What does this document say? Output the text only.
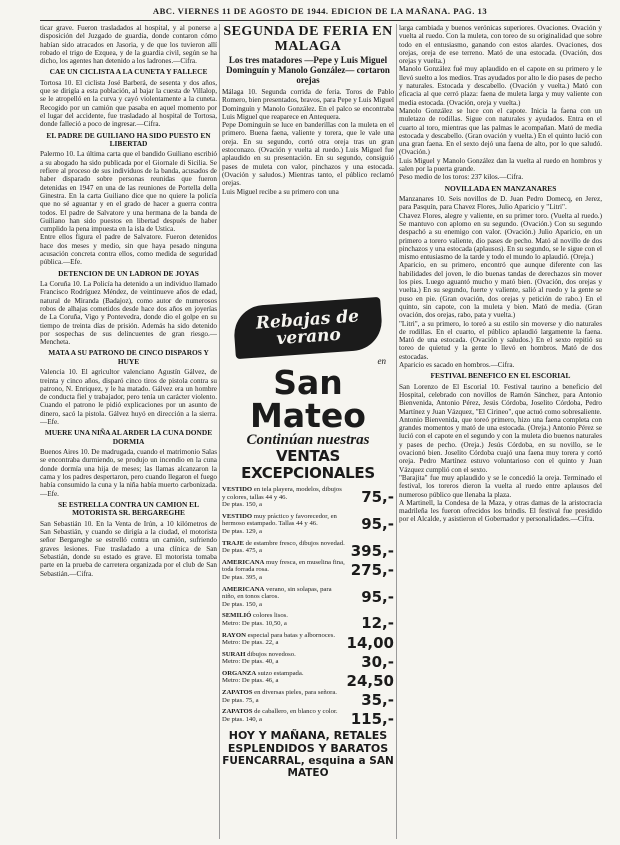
ABC. VIERNES 11 DE AGOSTO DE 1944. EDICION DE LA MAÑANA. PAG. 13

ticar grave. Fueron trasladados al hospital, y al ponerse a disposición del Juzgado de guardia, donde contaron cómo habían sido atracados en Jasoria, y de que los tuvieron allí robado el trigo de Ezquea, y de la guardia civil, según se ha dicho, los agentes han detenido a los ladrones.—Cifra.

CAE UN CICLISTA A LA CUNETA Y FALLECE

Tortosa 10. El ciclista José Barberá, de sesenta y dos años, que se dirigía a esta población, al bajar la cuesta de Villalop, se le atropelló en la curva y cayó violentamente a la cuneta. Recogido por un camión que pasaba en aquel momento por el lugar del accidente, fue trasladado al hospital de Tortosa, donde falleció a poco de ingresar.—Cifra.

EL PADRE DE GUILIANO HA SIDO PUESTO EN LIBERTAD

Palermo 10. La última carta que el bandido Guiliano escribió a su abogado ha sido publicada por el Giornale di Sicilia. Se refiere al proceso de sus individuos de la banda, acusados de haber disparado sobre personas reunidas que fueron detenidas en 1947 en una de las reuniones de Portella della Ginestra. En la carta Guiliano dice que no quiere la policía que no sé aguantar y en el grado de hacer a guerra contra todos. El padre de Salvatore y una hermana de la banda de Guiliano han sido puestos en libertad después de haber cumplido la pena impuesta en la isla de Ustica.

Entre ellos figura el padre de Salvatore. Fueron detenidos hace dos meses y medio, sin que haya pesado ninguna acusación concreta contra ellos, como medida de seguridad pública.—Efe.

DETENCION DE UN LADRON DE JOYAS

La Coruña 10. La Policía ha detenido a un individuo llamado Francisco Rodríguez Méndez, de veintinueve años de edad, natural de Miranda (Badajoz), como autor de numerosos robos de alhajas cometidos desde hace dos años en joyerías de La Coruña, Vigo y Pontevedra, donde dio el golpe en su tiempo de treinta días de prisión. Además ha sido detenido por sospechas de sus delincuentes de gran riesgo.—Mencheta.

MATA A SU PATRONO DE CINCO DISPAROS Y HUYE

Valencia 10. El agricultor valenciano Agustín Gálvez, de treinta y cinco años, disparó cinco tiros de pistola contra su patrono, N. Enriquez, y le ha matado. Gálvez era un hombre de conducta fiel y trabajador, pero tenía un carácter violento. Cuando el patrono le pidió explicaciones por un asunto de dinero, sacó la pistola. Gálvez huyó en dirección a la sierra.—Efe.

MUERE UNA NIÑA AL ARDER LA CUNA DONDE DORMIA

Buenos Aires 10. De madrugada, cuando el matrimonio Salas se encontraba durmiendo, se produjo un incendio en la cuna donde dormía una hija de meses; las llamas alcanzaron la cama y los padres despertaron, pero cuando llegaron el fuego había consumido la cuna y la niña había muerto carbonizada.—Efe.

SE ESTRELLA CONTRA UN CAMION EL MOTORISTA SR. BERGAREGHE

San Sebastián 10. En la Venta de Irún, a 10 kilómetros de San Sebastián, y cuando se dirigía a la ciudad, el motorista señor Bergareghe se estrelló contra un camión, sufriendo graves lesiones. Fue trasladado a una clínica de San Sebastián, donde su estado es grave. El motorista tomaba parte en la prueba de carretera organizada por el club de San Sebastián.—Cifra.

SEGUNDA DE FERIA EN MALAGA
Los tres matadores —Pepe y Luis Miguel Dominguín y Manolo González— cortaron orejas

Málaga 10. Segunda corrida de feria. Toros de Pablo Romero, bien presentados, bravos, para Pepe y Luis Miguel Dominguín y Manolo González. En el palco se encontraba Luis Miguel que reaparece en Antequera.

Pepe Dominguín se luce en banderillas con la muleta en el primero. Buena faena, valiente y torera, que le vale una oreja. En su segundo, cortó otra oreja tras un gran estoconazo. (Ovación y vuelta al ruedo.) Luis Miguel fue aplaudido en su presentación. En su segundo, consiguió pases de muleta con valor, pinchazos y una estocada. (Ovación y saludos.) Mientras tanto, el público reclamó orejas.

Luis Miguel recibe a su primero con una

Rebajas de verano
en
San Mateo
Continúan nuestras
VENTAS EXCEPCIONALES
VESTIDO en tela playera, modelos, dibujos y colores, tallas 44 y 46.
De ptas. 150, a	75,-
VESTIDO muy práctico y favorecedor, en hermoso estampado. Tallas 44 y 46.
De ptas. 129, a	95,-
TRAJE de estambre fresco, dibujos novedad.
De ptas. 475, a	395,-
AMERICANA muy fresca, en muselina fina, toda forrada rosa.
De ptas. 395, a	275,-
AMERICANA verano, sin solapas, para niño, en tonos claros.
De ptas. 150, a	95,-
SEMILIÓ colores lisos.
Metro: De ptas. 10,50, a	12,-
RAYON especial para batas y albornoces.
Metro: De ptas. 22, a	14,00
SURAH dibujos novedoso.
Metro: De ptas. 40, a	30,-
ORGANZA suizo estampada.
Metro: De ptas. 46, a	24,50
ZAPATOS en diversas pieles, para señora.
De ptas. 75, a	35,-
ZAPATOS de caballero, en blanco y color.
De ptas. 140, a	115,-
HOY Y MAÑANA, RETALES ESPLENDIDOS Y BARATOS
FUENCARRAL, esquina a SAN MATEO

larga cambiada y buenos verónicas superiores. Ovaciones. Ovación y vuelta al ruedo. Con la muleta, con toreo de su originalidad que sobre todo en el entusiasmo, ganando con estos alardes. Ovaciones, dos orejas, oreja de ese terreno. Mató de una estocada. (Ovación, dos orejas y vuelta.)

Manolo González fué muy aplaudido en el capote en su primero y le llevó suelto a los medios. Tras ayudados por alto le dio pases de pecho y naturales. Estocada y descabello. (Ovación y vuelta.) Mató con eficacia al que cerró plaza: faena de muleta larga y muy valiente con media estocada. (Ovación, oreja y vuelta.)

Manolo González se luce con el capote. Inicia la faena con un muletazo de rodillas. Sigue con naturales y ayudados. Entra en el cuarto al toro, mientras que las palmas le acompañan. Mató de media estocada y descabello. (Gran ovación y vuelta.) En el quinto lució con una gran faena. En el sexto dejó una faena de alto, por lo que saludó. (Ovación.)

Luis Miguel y Manolo González dan la vuelta al ruedo en hombros y salen por la puerta grande.

Peso medio de los toros: 237 kilos.—Cifra.

NOVILLADA EN MANZANARES

Manzanares 10. Seis novillos de D. Juan Pedro Domecq, en Jerez, para Pasquín, para Chavez Flores, Julio Aparicio y "Litri".

Chavez Flores, alegre y valiente, en su primer toro. (Vuelta al ruedo.) Se mantuvo con aplomo en su segundo. (Ovación.) Con su segundo despachó a su enemigo con valor. (Ovación.) Julio Aparicio, en un primero a torero valiente, dio pases de pecho. Mató al novillo de dos pinchazos y una estocada (aplausos). En su segundo, se le sigue con el mismo entusiasmo de la tarde y todo el mundo lo aplaudió. (Oreja.)

Aparicio, en su primero, encontró que aunque diferente con las habilidades del joven, le dio buenas tandas de derechazos sin mover los pies. Luego aguantó mucho y mató bien. (Ovación, dos orejas y vuelta.) En su segundo, fuerte y valiente, salió al ruedo y la gente se puso en pie. (Gran ovación, dos orejas y petición de rabo.) En el quinto, sin capote, con la muleta y bien. Mató de media. (Gran ovación, dos orejas, rabo, pata y vuelta.)

"Litri", a su primero, lo toreó a su estilo sin moverse y dio naturales de rodillas. En el cuarto, el público aplaudió largamente la faena. Mató de una estocada. (Ovación y saludos.) En el sexto repitió su toreo de quietud y la gente lo llevó en hombros. Mató de dos estocadas.

Aparicio es sacado en hombros.—Cifra.

FESTIVAL BENEFICO EN EL ESCORIAL

San Lorenzo de El Escorial 10. Festival taurino a beneficio del Hospital, celebrado con novillos de Ramón Sánchez, para Antonio Bienvenida, Antonio Pérez, Jesús Córdoba, Joselito Córdoba, Pedro Martínez y Juan Vázquez, "El Cirineo", que actuó como sobresaliente.

Antonio Bienvenida, que toreó primero, hizo una faena completa con grandes momentos y mató de una estocada. (Oreja.) Antonio Pérez se lució con el capote en el segundo y con la muleta dio buenos naturales y pases de pecho. (Oreja.) Jesús Córdoba, en su novillo, se le ovacionó bien. Joselito Córdoba cuajó una faena muy torera y cortó oreja. Pedro Martínez estuvo voluntarioso con el quinto y Juan Vázquez cumplió con el sexto.

"Barajita" fue muy aplaudido y se le concedió la oreja. Terminado el festival, los toreros dieron la vuelta al ruedo entre aplausos del numeroso público que llenaba la plaza.

A Martinell, la Condesa de la Maza, y otras damas de la aristocracia madrileña les fueron ofrecidos los brindis. El festival fue presidido por el Alcalde, y asistieron el Gobernador y personalidades.—Cifra.
